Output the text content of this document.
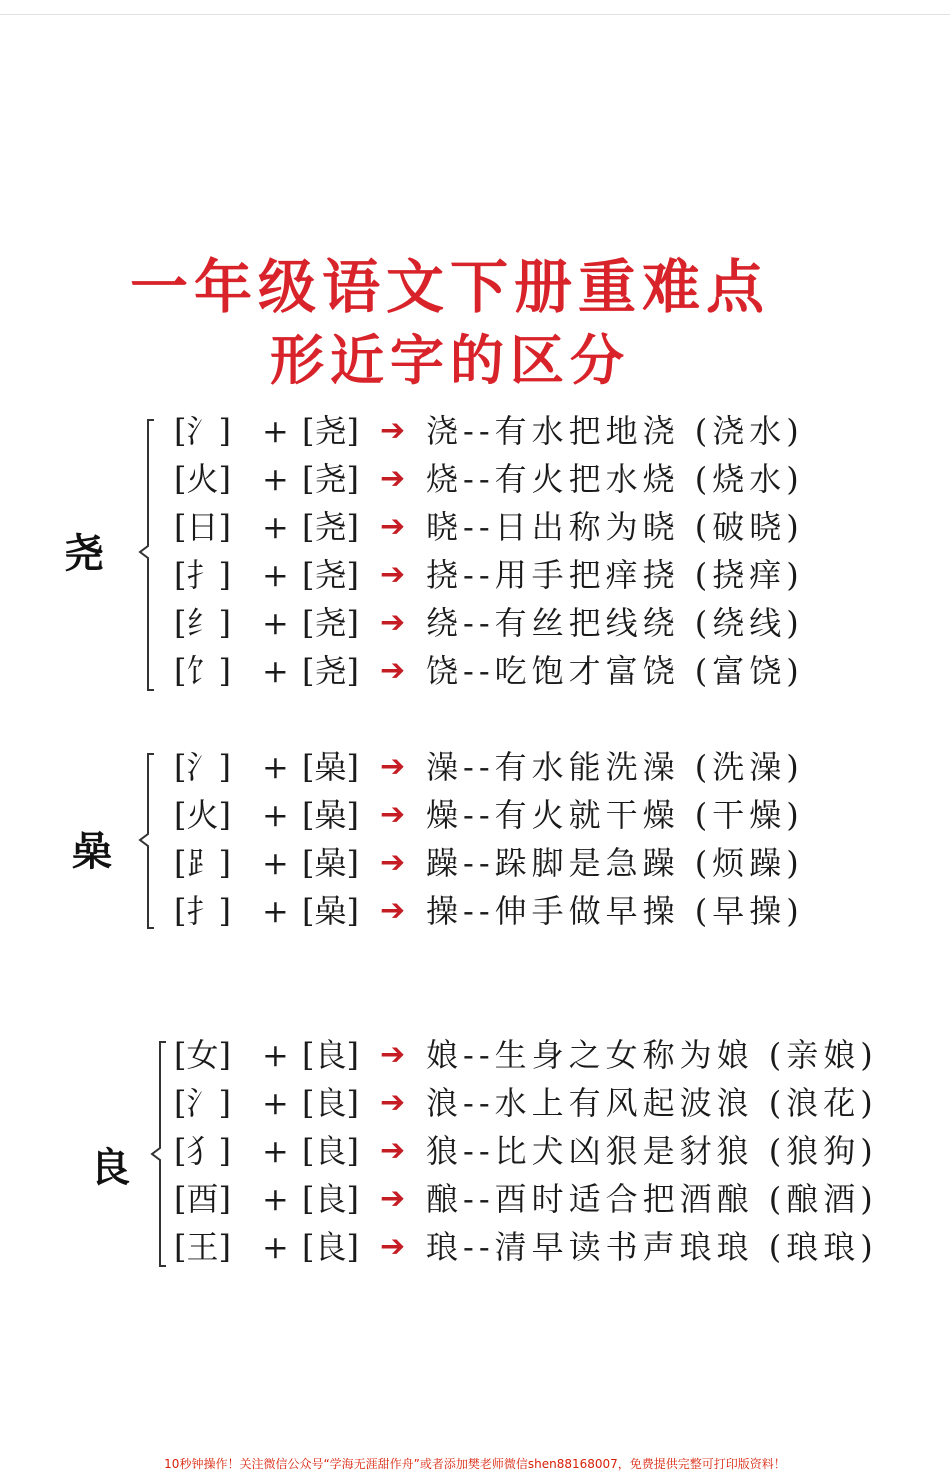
一年级语文下册重难点
形近字的区分
尧
[氵] + [尧] ➔ 浇--有水把地浇 (浇水)
[火] + [尧] ➔ 烧--有火把水烧 (烧水)
[日] + [尧] ➔ 晓--日出称为晓 (破晓)
[扌] + [尧] ➔ 挠--用手把痒挠 (挠痒)
[纟] + [尧] ➔ 绕--有丝把线绕 (绕线)
[饣] + [尧] ➔ 饶--吃饱才富饶 (富饶)
喿
[氵] + [喿] ➔ 澡--有水能洗澡 (洗澡)
[火] + [喿] ➔ 燥--有火就干燥 (干燥)
[⻊] + [喿] ➔ 躁--跺脚是急躁 (烦躁)
[扌] + [喿] ➔ 操--伸手做早操 (早操)
良
[女] + [良] ➔ 娘--生身之女称为娘 (亲娘)
[氵] + [良] ➔ 浪--水上有风起波浪 (浪花)
[犭] + [良] ➔ 狼--比犬凶狠是豺狼 (狼狗)
[酉] + [良] ➔ 酿--酉时适合把酒酿 (酿酒)
[王] + [良] ➔ 琅--清早读书声琅琅 (琅琅)
10秒钟操作！关注微信公众号“学海无涯甜作舟”或者添加樊老师微信shen88168007，免费提供完整可打印版资料！
